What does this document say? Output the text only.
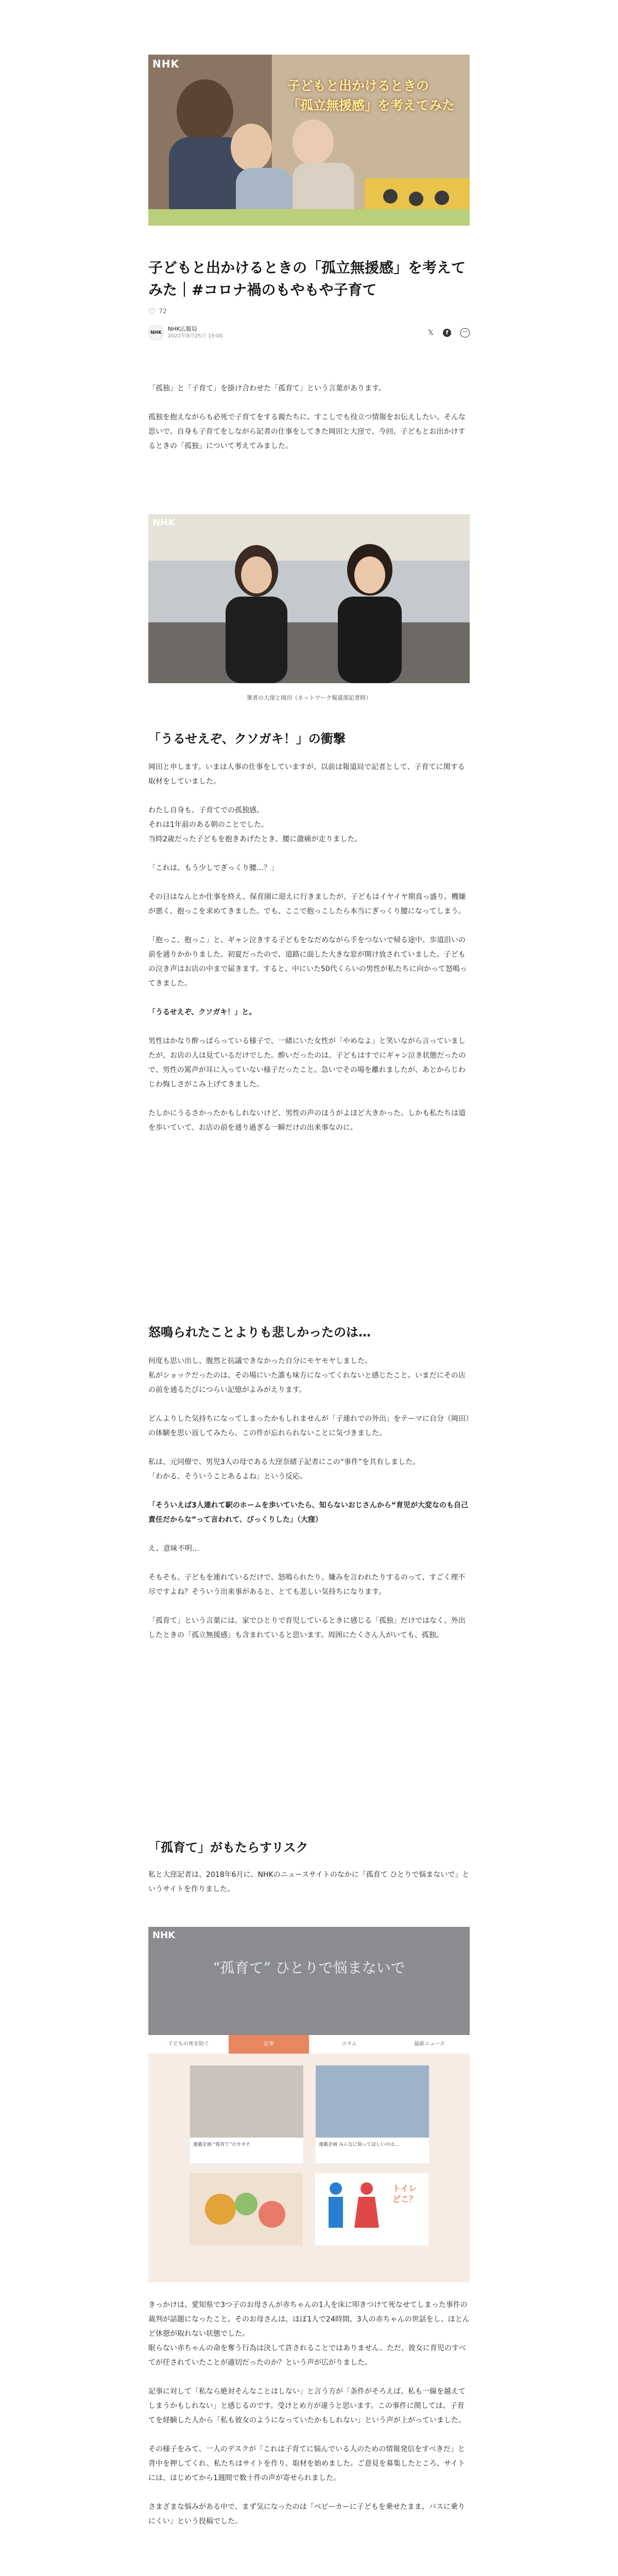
NHK
子どもと出かけるときの
「孤立無援感」を考えてみた
子どもと出かけるときの「孤立無援感」を考えてみた｜#コロナ禍のもやもや子育て
♡ 72
NHK
NHK広報局
2022年8月25日 19:00	𝕏	f	···

「孤独」と「子育て」を掛け合わせた「孤育て」という言葉があります。

孤独を抱えながらも必死で子育てをする親たちに、すこしでも役立つ情報をお伝えしたい。そんな思いで、自身も子育てをしながら記者の仕事をしてきた岡田と大窪で、今回、子どもとお出かけするときの「孤独」について考えてみました。

NHK
筆者の大窪と岡田（ネットワーク報道部記者時）
「うるせえぞ、クソガキ！」の衝撃

岡田と申します。いまは人事の仕事をしていますが、以前は報道局で記者として、子育てに関する取材をしていました。

わたし自身も、子育てでの孤独感。
それは1年前のある朝のことでした。
当時2歳だった子どもを抱きあげたとき、腰に激痛が走りました。

「これは、もう少しでぎっくり腰…？」

その日はなんとか仕事を終え、保育園に迎えに行きましたが、子どもはイヤイヤ期真っ盛り。機嫌が悪く、抱っこを求めてきました。でも、ここで抱っこしたら本当にぎっくり腰になってしまう。

「抱っこ、抱っこ」と、ギャン泣きする子どもをなだめながら手をつないで帰る途中、歩道沿いの前を通りかかりました。初夏だったので、道路に面した大きな窓が開け放されていました。子どもの泣き声はお店の中まで届きます。すると、中にいた50代くらいの男性が私たちに向かって怒鳴ってきました。

「うるせえぞ、クソガキ！」と。

男性はかなり酔っぱらっている様子で、一緒にいた女性が「やめなよ」と笑いながら言っていましたが、お店の人は見ているだけでした。酔いだったのは、子どもはすでにギャン泣き状態だったので、男性の罵声が耳に入っていない様子だったこと。急いでその場を離れましたが、あとからじわじわ悔しさがこみ上げてきました。

たしかにうるさかったかもしれないけど、男性の声のほうがよほど大きかった。しかも私たちは道を歩いていて、お店の前を通り過ぎる一瞬だけの出来事なのに。

怒鳴られたことよりも悲しかったのは…

何度も思い出し、腹然と抗議できなかった自分にモヤモヤしました。
私がショックだったのは、その場にいた誰も味方になってくれないと感じたこと。いまだにその店の前を通るたびにつらい記憶がよみがえります。

どんよりした気持ちになってしまったかもしれませんが「子連れでの外出」をテーマに自分（岡田）の体験を思い返してみたら、この件が忘れられないことに気づきました。

私は、元同僚で、男児3人の母である大窪奈緒子記者にこの“事件”を共有しました。
「わかる、そういうことあるよね」という反応。

「そういえば3人連れて駅のホームを歩いていたら、知らないおじさんから“育児が大変なのも自己責任だからな”って言われて、びっくりした」（大窪）

え、意味不明…

そもそも、子どもを連れているだけで、怒鳴られたり、嫌みを言われたりするのって、すごく理不尽ですよね？そういう出来事があると、とても悲しい気持ちになります。

「孤育て」という言葉には、家でひとりで育児しているときに感じる「孤独」だけではなく、外出したときの「孤立無援感」も含まれていると思います。周囲にたくさん人がいても、孤独。

「孤育て」がもたらすリスク

私と大窪記者は、2018年6月に、NHKのニュースサイトのなかに「孤育て ひとりで悩まないで」というサイトを作りました。

NHK
“孤育て” ひとりで悩まないで
子どもの死を防ぐ	記事	コラム	最新ニュース
連載企画 “孤育て”のカタチ	連載企画 みんなに知ってほしいのは…
トイレどこ？

きっかけは、愛知県で3つ子のお母さんが赤ちゃんの1人を床に叩きつけて死なせてしまった事件の裁判が話題になったこと。そのお母さんは、ほぼ1人で24時間、3人の赤ちゃんの世話をし、ほとんど休憩が取れない状態でした。
眠らない赤ちゃんの命を奪う行為は決して許されることではありません。ただ、彼女に育児のすべてが任されていたことが適切だったのか？という声が広がりました。

記事に対して「私なら絶対そんなことはしない」と言う方が「条件がそろえば、私も一線を越えてしまうかもしれない」と感じるのです。受けとめ方が違うと思います。この事件に関しては、子育てを経験した人から「私も彼女のようになっていたかもしれない」という声が上がっていました。

その様子をみて、一人のデスクが「これは子育てに悩んでいる人のための情報発信をすべきだ」と背中を押してくれ、私たちはサイトを作り、取材を始めました。ご意見を募集したところ、サイトには、はじめてから1週間で数十件の声が寄せられました。

さまざまな悩みがある中で、まず気になったのは「ベビーカーに子どもを乗せたまま、バスに乗りにくい」という投稿でした。
